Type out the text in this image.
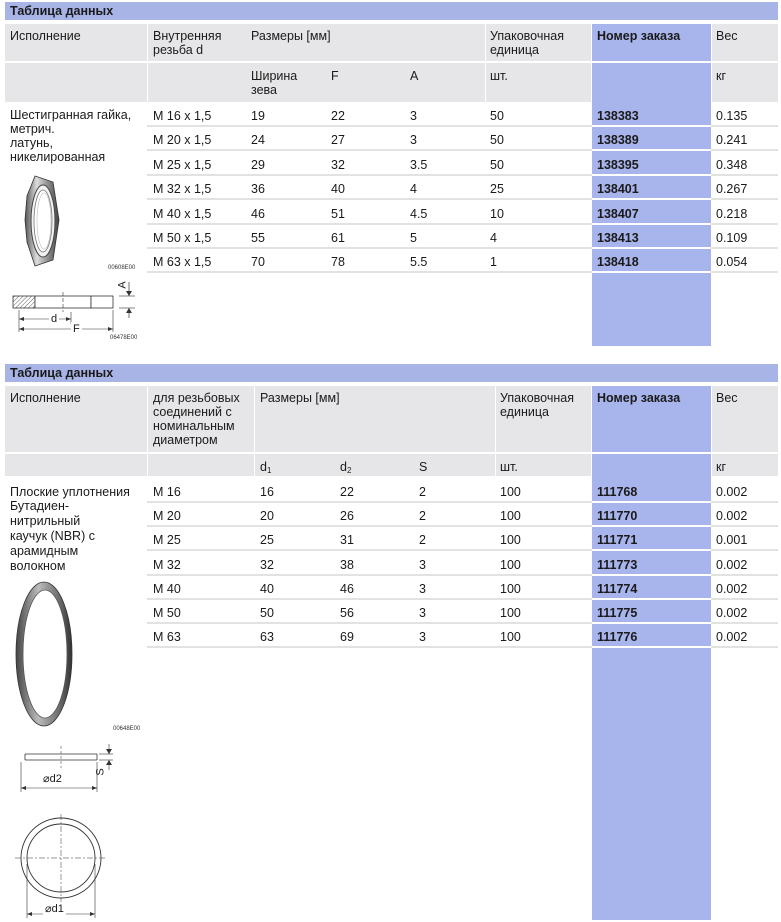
Таблица данных
Исполнение	Внутренняя
резьба d
Размеры [мм]	Упаковочная
единица
Номер заказа	Вес
Ширина
зева
F	A	шт.	кг
Шестигранная гайка,
метрич.
латунь,
никелированная
00608E00
d
F
A
06478E00
M 16 x 1,5	19	22	3	50	138383	0.135
M 20 x 1,5	24	27	3	50	138389	0.241
M 25 x 1,5	29	32	3.5	50	138395	0.348
M 32 x 1,5	36	40	4	25	138401	0.267
M 40 x 1,5	46	51	4.5	10	138407	0.218
M 50 x 1,5	55	61	5	4	138413	0.109
M 63 x 1,5	70	78	5.5	1	138418	0.054
Таблица данных
Исполнение	для резьбовых
соединений с
номинальным
диаметром
Размеры [мм]	Упаковочная
единица
Номер заказа	Вес
$d_1$	$d_2$	S	шт.	кг
Плоские уплотнения
Бутадиен-
нитрильный
каучук (NBR) с
арамидным
волокном
00648E00
⌀d2
S
⌀d1
M 16	16	22	2	100	111768	0.002
M 20	20	26	2	100	111770	0.002
M 25	25	31	2	100	111771	0.001
M 32	32	38	3	100	111773	0.002
M 40	40	46	3	100	111774	0.002
M 50	50	56	3	100	111775	0.002
M 63	63	69	3	100	111776	0.002
